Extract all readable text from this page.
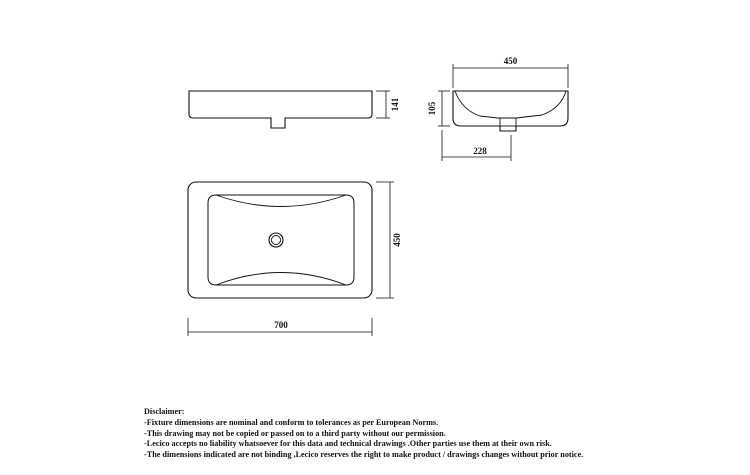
141
450
105
228
450
700
Disclaimer:
-Fixture dimensions are nominal and conform to tolerances as per European Norms.
-This drawing may not be copied or passed on to a third party without our permission.
-Lecico accepts no liability whatsoever for this data and technical drawings .Other parties use them at their own risk.
-The dimensions indicated are not binding ,Lecico reserves the right to make product / drawings changes without prior notice.
